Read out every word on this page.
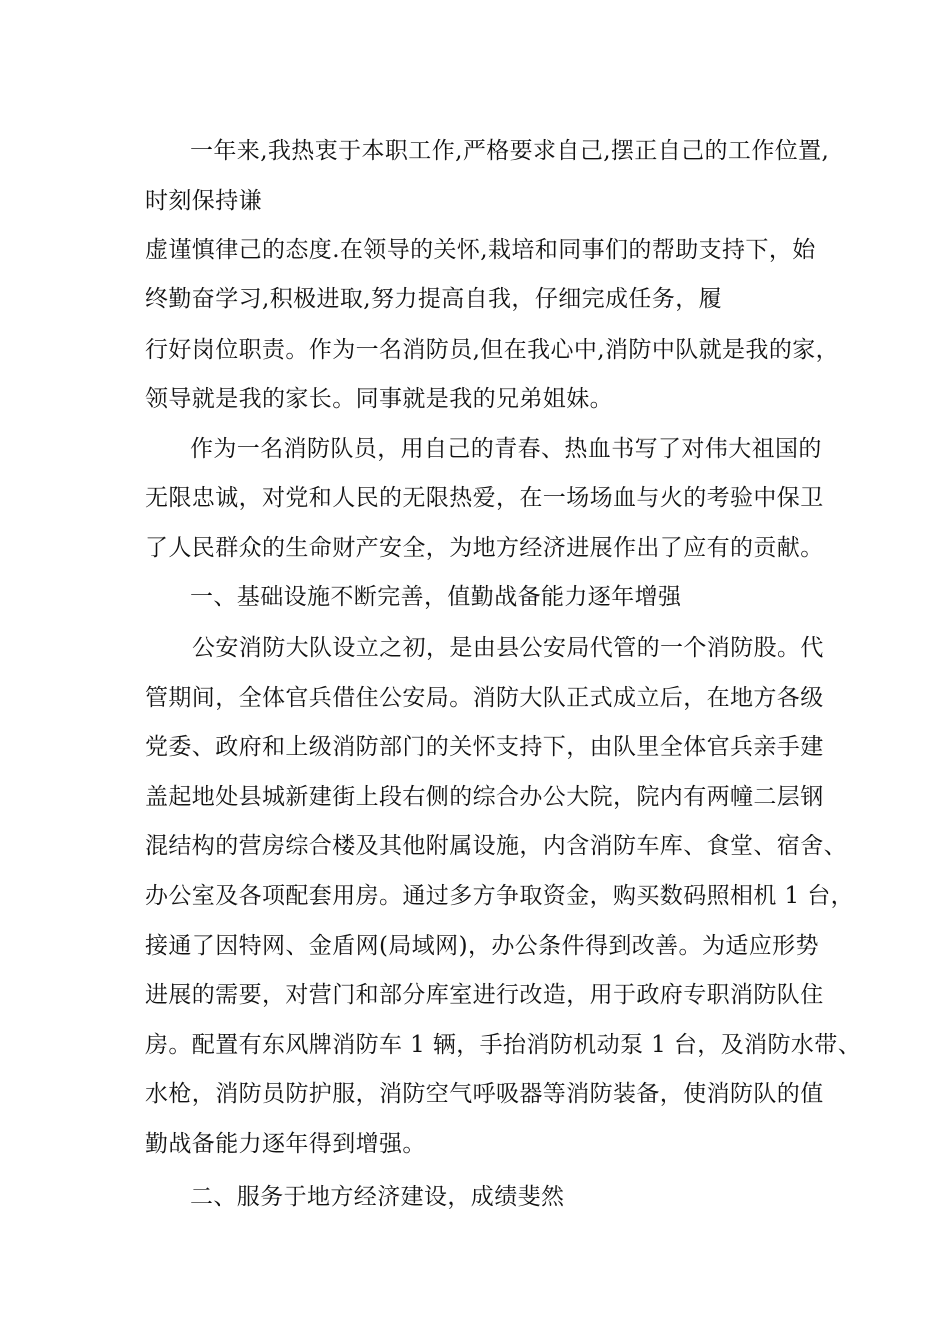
一年来,我热衷于本职工作,严格要求自己,摆正自己的工作位置,
时刻保持谦
虚谨慎律己的态度.在领导的关怀,栽培和同事们的帮助支持下，始
终勤奋学习,积极进取,努力提高自我，仔细完成任务，履
行好岗位职责。作为一名消防员,但在我心中,消防中队就是我的家，
领导就是我的家长。同事就是我的兄弟姐妹。
作为一名消防队员，用自己的青春、热血书写了对伟大祖国的
无限忠诚，对党和人民的无限热爱，在一场场血与火的考验中保卫
了人民群众的生命财产安全，为地方经济进展作出了应有的贡献。
一、基础设施不断完善，值勤战备能力逐年增强
公安消防大队设立之初，是由县公安局代管的一个消防股。代
管期间，全体官兵借住公安局。消防大队正式成立后，在地方各级
党委、政府和上级消防部门的关怀支持下，由队里全体官兵亲手建
盖起地处县城新建街上段右侧的综合办公大院，院内有两幢二层钢
混结构的营房综合楼及其他附属设施，内含消防车库、食堂、宿舍、
办公室及各项配套用房。通过多方争取资金，购买数码照相机 1 台，
接通了因特网、金盾网(局域网)，办公条件得到改善。为适应形势
进展的需要，对营门和部分库室进行改造，用于政府专职消防队住
房。配置有东风牌消防车 1 辆，手抬消防机动泵 1 台，及消防水带、
水枪，消防员防护服，消防空气呼吸器等消防装备，使消防队的值
勤战备能力逐年得到增强。
二、服务于地方经济建设，成绩斐然
